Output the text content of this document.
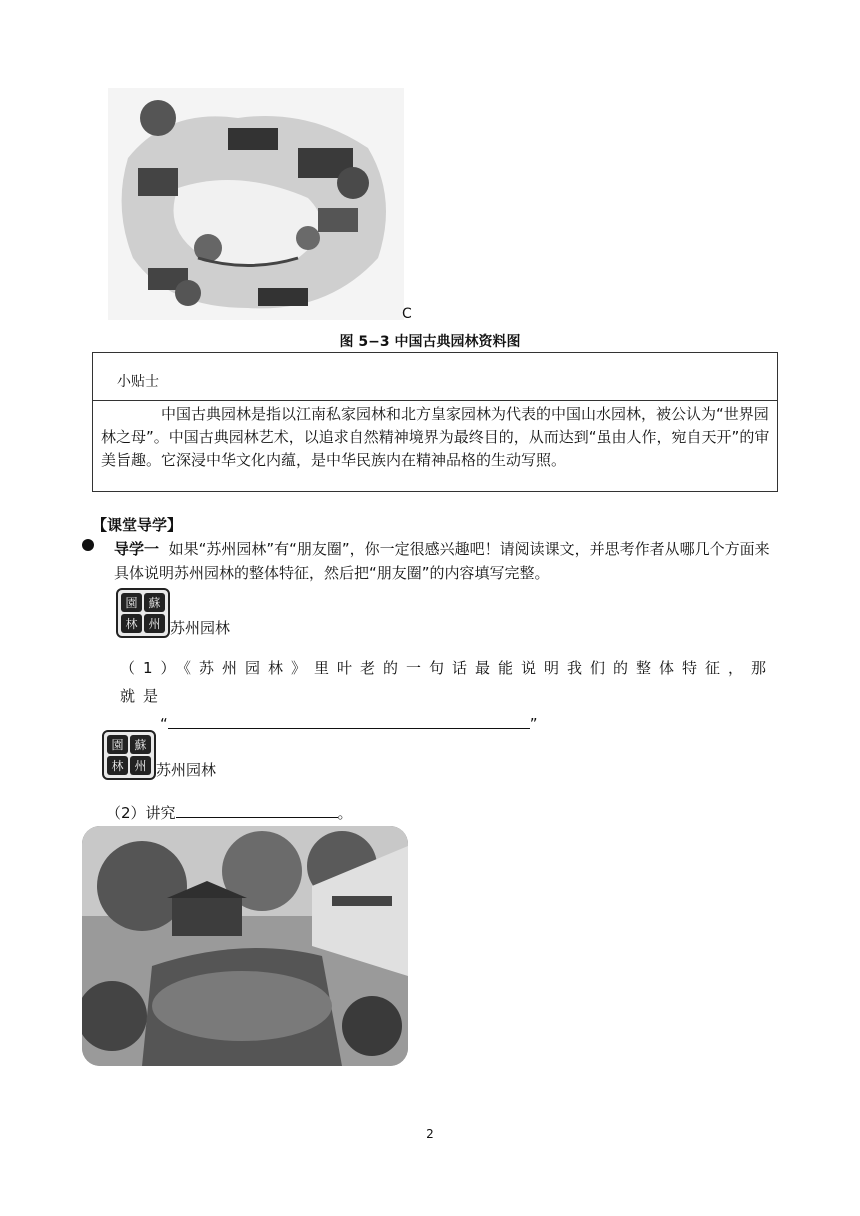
C
图 5−3 中国古典园林资料图
小贴士
中国古典园林是指以江南私家园林和北方皇家园林为代表的中国山水园林，被公认为“世界园林之母”。中国古典园林艺术，以追求自然精神境界为最终目的，从而达到“虽由人作，宛自天开”的审美旨趣。它深浸中华文化内蕴，是中华民族内在精神品格的生动写照。
【课堂导学】
导学一 如果“苏州园林”有“朋友圈”，你一定很感兴趣吧！请阅读课文，并思考作者从哪几个方面来具体说明苏州园林的整体特征，然后把“朋友圈”的内容填写完整。
園 蘇
林 州 苏州园林
（1）《苏州园林》里叶老的一句话最能说明我们的整体特征，那就是
“	”
園 蘇
林 州 苏州园林
（2）讲究	。
2
